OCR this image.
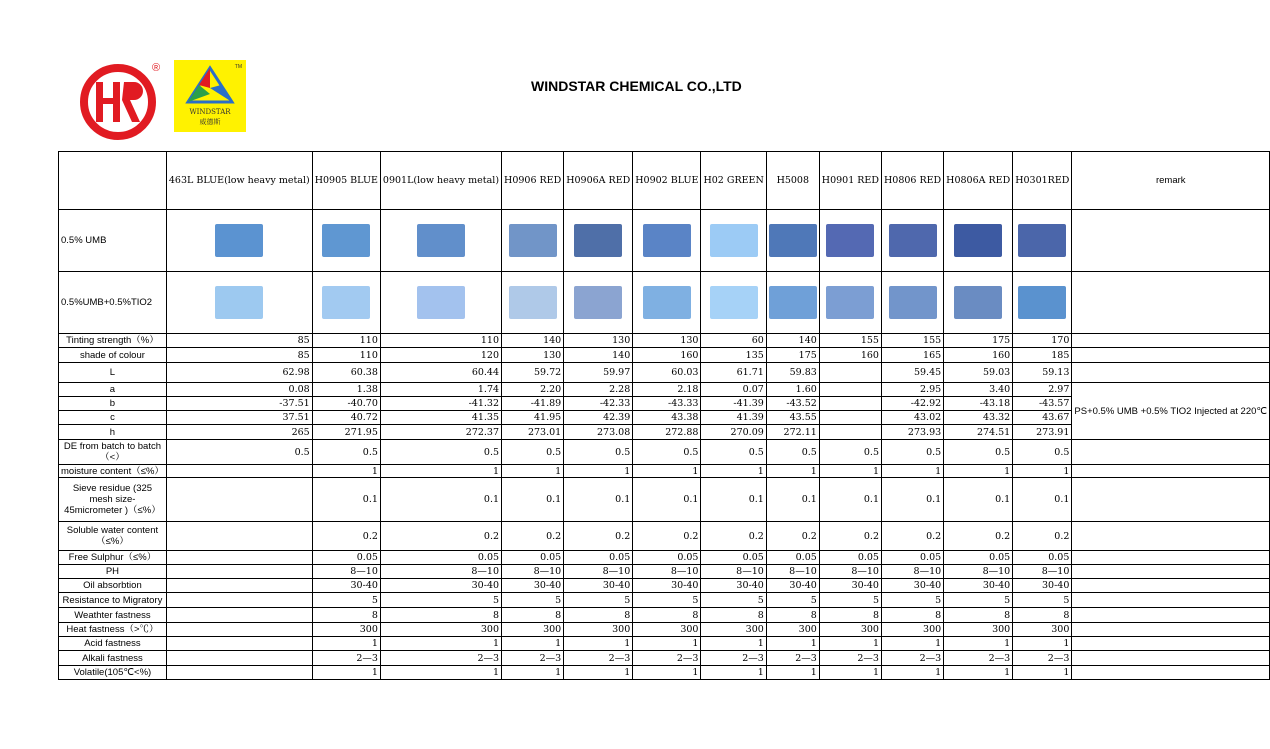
®	TM
WINDSTAR
威德斯
WINDSTAR CHEMICAL CO.,LTD
	463L BLUE(low heavy metal)	H0905 BLUE	0901L(low heavy metal)	H0906 RED	H0906A RED	H0902 BLUE	H02 GREEN	H5008	H0901 RED	H0806 RED	H0806A RED	H0301RED	remark
0.5% UMB													
0.5%UMB+0.5%TIO2													
Tinting strength（%）	85	110	110	140	130	130	60	140	155	155	175	170	
shade of colour	85	110	120	130	140	160	135	175	160	165	160	185	
L	62.98	60.38	60.44	59.72	59.97	60.03	61.71	59.83		59.45	59.03	59.13	
a	0.08	1.38	1.74	2.20	2.28	2.18	0.07	1.60		2.95	3.40	2.97	PS+0.5% UMB +0.5% TIO2 Injected at 220℃
b	-37.51	-40.70	-41.32	-41.89	-42.33	-43.33	-41.39	-43.52		-42.92	-43.18	-43.57	
c	37.51	40.72	41.35	41.95	42.39	43.38	41.39	43.55		43.02	43.32	43.67	
h	265	271.95	272.37	273.01	273.08	272.88	270.09	272.11		273.93	274.51	273.91	
DE from batch to batch （<）	0.5	0.5	0.5	0.5	0.5	0.5	0.5	0.5	0.5	0.5	0.5	0.5	
moisture content（≤%）		1	1	1	1	1	1	1	1	1	1	1	
Sieve residue (325 mesh size-45micrometer )（≤%）		0.1	0.1	0.1	0.1	0.1	0.1	0.1	0.1	0.1	0.1	0.1	
Soluble water content （≤%）		0.2	0.2	0.2	0.2	0.2	0.2	0.2	0.2	0.2	0.2	0.2	
Free Sulphur（≤%）		0.05	0.05	0.05	0.05	0.05	0.05	0.05	0.05	0.05	0.05	0.05	
PH		8—10	8—10	8—10	8—10	8—10	8—10	8—10	8—10	8—10	8—10	8—10	
Oil absorbtion		30-40	30-40	30-40	30-40	30-40	30-40	30-40	30-40	30-40	30-40	30-40	
Resistance to Migratory		5	5	5	5	5	5	5	5	5	5	5	
Weathter fastness		8	8	8	8	8	8	8	8	8	8	8	
Heat fastness（>℃）		300	300	300	300	300	300	300	300	300	300	300	
Acid fastness		1	1	1	1	1	1	1	1	1	1	1	
Alkali fastness		2—3	2—3	2—3	2—3	2—3	2—3	2—3	2—3	2—3	2—3	2—3	
Volatile(105℃<%)		1	1	1	1	1	1	1	1	1	1	1	
